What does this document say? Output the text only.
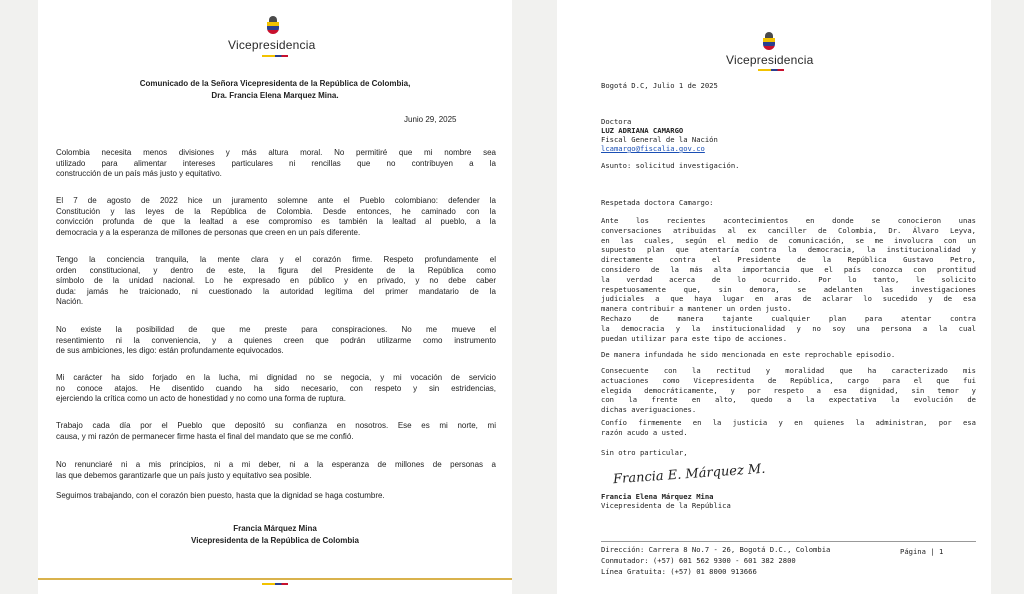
Vicepresidencia
Comunicado de la Señora Vicepresidenta de la República de Colombia,
Dra. Francia Elena Marquez Mina.
Junio 29, 2025
Colombia necesita menos divisiones y más altura moral. No permitiré que mi nombre sea
utilizado para alimentar intereses particulares ni rencillas que no contribuyen a la
construcción de un país más justo y equitativo.
El 7 de agosto de 2022 hice un juramento solemne ante el Pueblo colombiano: defender la
Constitución y las leyes de la República de Colombia. Desde entonces, he caminado con la
convicción profunda de que la lealtad a ese compromiso es también la lealtad al pueblo, a la
democracia y a la esperanza de millones de personas que creen en un país diferente.
Tengo la conciencia tranquila, la mente clara y el corazón firme. Respeto profundamente el
orden constitucional, y dentro de este, la figura del Presidente de la República como
símbolo de la unidad nacional. Lo he expresado en público y en privado, y no debe caber
duda: jamás he traicionado, ni cuestionado la autoridad legítima del primer mandatario de la
Nación.
No existe la posibilidad de que me preste para conspiraciones. No me mueve el
resentimiento ni la conveniencia, y a quienes creen que podrán utilizarme como instrumento
de sus ambiciones, les digo: están profundamente equivocados.
Mi carácter ha sido forjado en la lucha, mi dignidad no se negocia, y mi vocación de servicio
no conoce atajos. He disentido cuando ha sido necesario, con respeto y sin estridencias,
ejerciendo la crítica como un acto de honestidad y no como una forma de ruptura.
Trabajo cada día por el Pueblo que depositó su confianza en nosotros. Ese es mi norte, mi
causa, y mi razón de permanecer firme hasta el final del mandato que se me confió.
No renunciaré ni a mis principios, ni a mi deber, ni a la esperanza de millones de personas a
las que debemos garantizarle que un país justo y equitativo sea posible.
Seguimos trabajando, con el corazón bien puesto, hasta que la dignidad se haga costumbre.
Francia Márquez Mina
Vicepresidenta de la República de Colombia
Vicepresidencia
Bogotá D.C, Julio 1 de 2025
Doctora
LUZ ADRIANA CAMARGO
Fiscal General de la Nación
lcamargo@fiscalia.gov.co
Asunto: solicitud investigación.
Respetada doctora Camargo:
Ante los recientes acontecimientos en donde se conocieron unas
conversaciones atribuidas al ex canciller de Colombia, Dr. Álvaro Leyva,
en las cuales, según el medio de comunicación, se me involucra con un
supuesto plan que atentaría contra la democracia, la institucionalidad y
directamente contra el Presidente de la República Gustavo Petro,
considero de la más alta importancia que el país conozca con prontitud
la verdad acerca de lo ocurrido. Por lo tanto, le solicito
respetuosamente que, sin demora, se adelanten las investigaciones
judiciales a que haya lugar en aras de aclarar lo sucedido y de esa
manera contribuir a mantener un orden justo.
Rechazo de manera tajante cualquier plan para atentar contra
la democracia y la institucionalidad y no soy una persona a la cual
puedan utilizar para este tipo de acciones.
De manera infundada he sido mencionada en este reprochable episodio.
Consecuente con la rectitud y moralidad que ha caracterizado mis
actuaciones como Vicepresidenta de República, cargo para el que fui
elegida democráticamente, y por respeto a esa dignidad, sin temor y
con la frente en alto, quedo a la expectativa la evolución de
dichas averiguaciones.
Confío firmemente en la justicia y en quienes la administran, por esa
razón acudo a usted.
Sin otro particular,
Francia E. Márquez M.
Francia Elena Márquez Mina
Vicepresidenta de la República
Dirección: Carrera 8 No.7 - 26, Bogotá D.C., Colombia
Conmutador: (+57) 601 562 9300 - 601 382 2800
Línea Gratuita: (+57) 01 8000 913666
Página | 1
